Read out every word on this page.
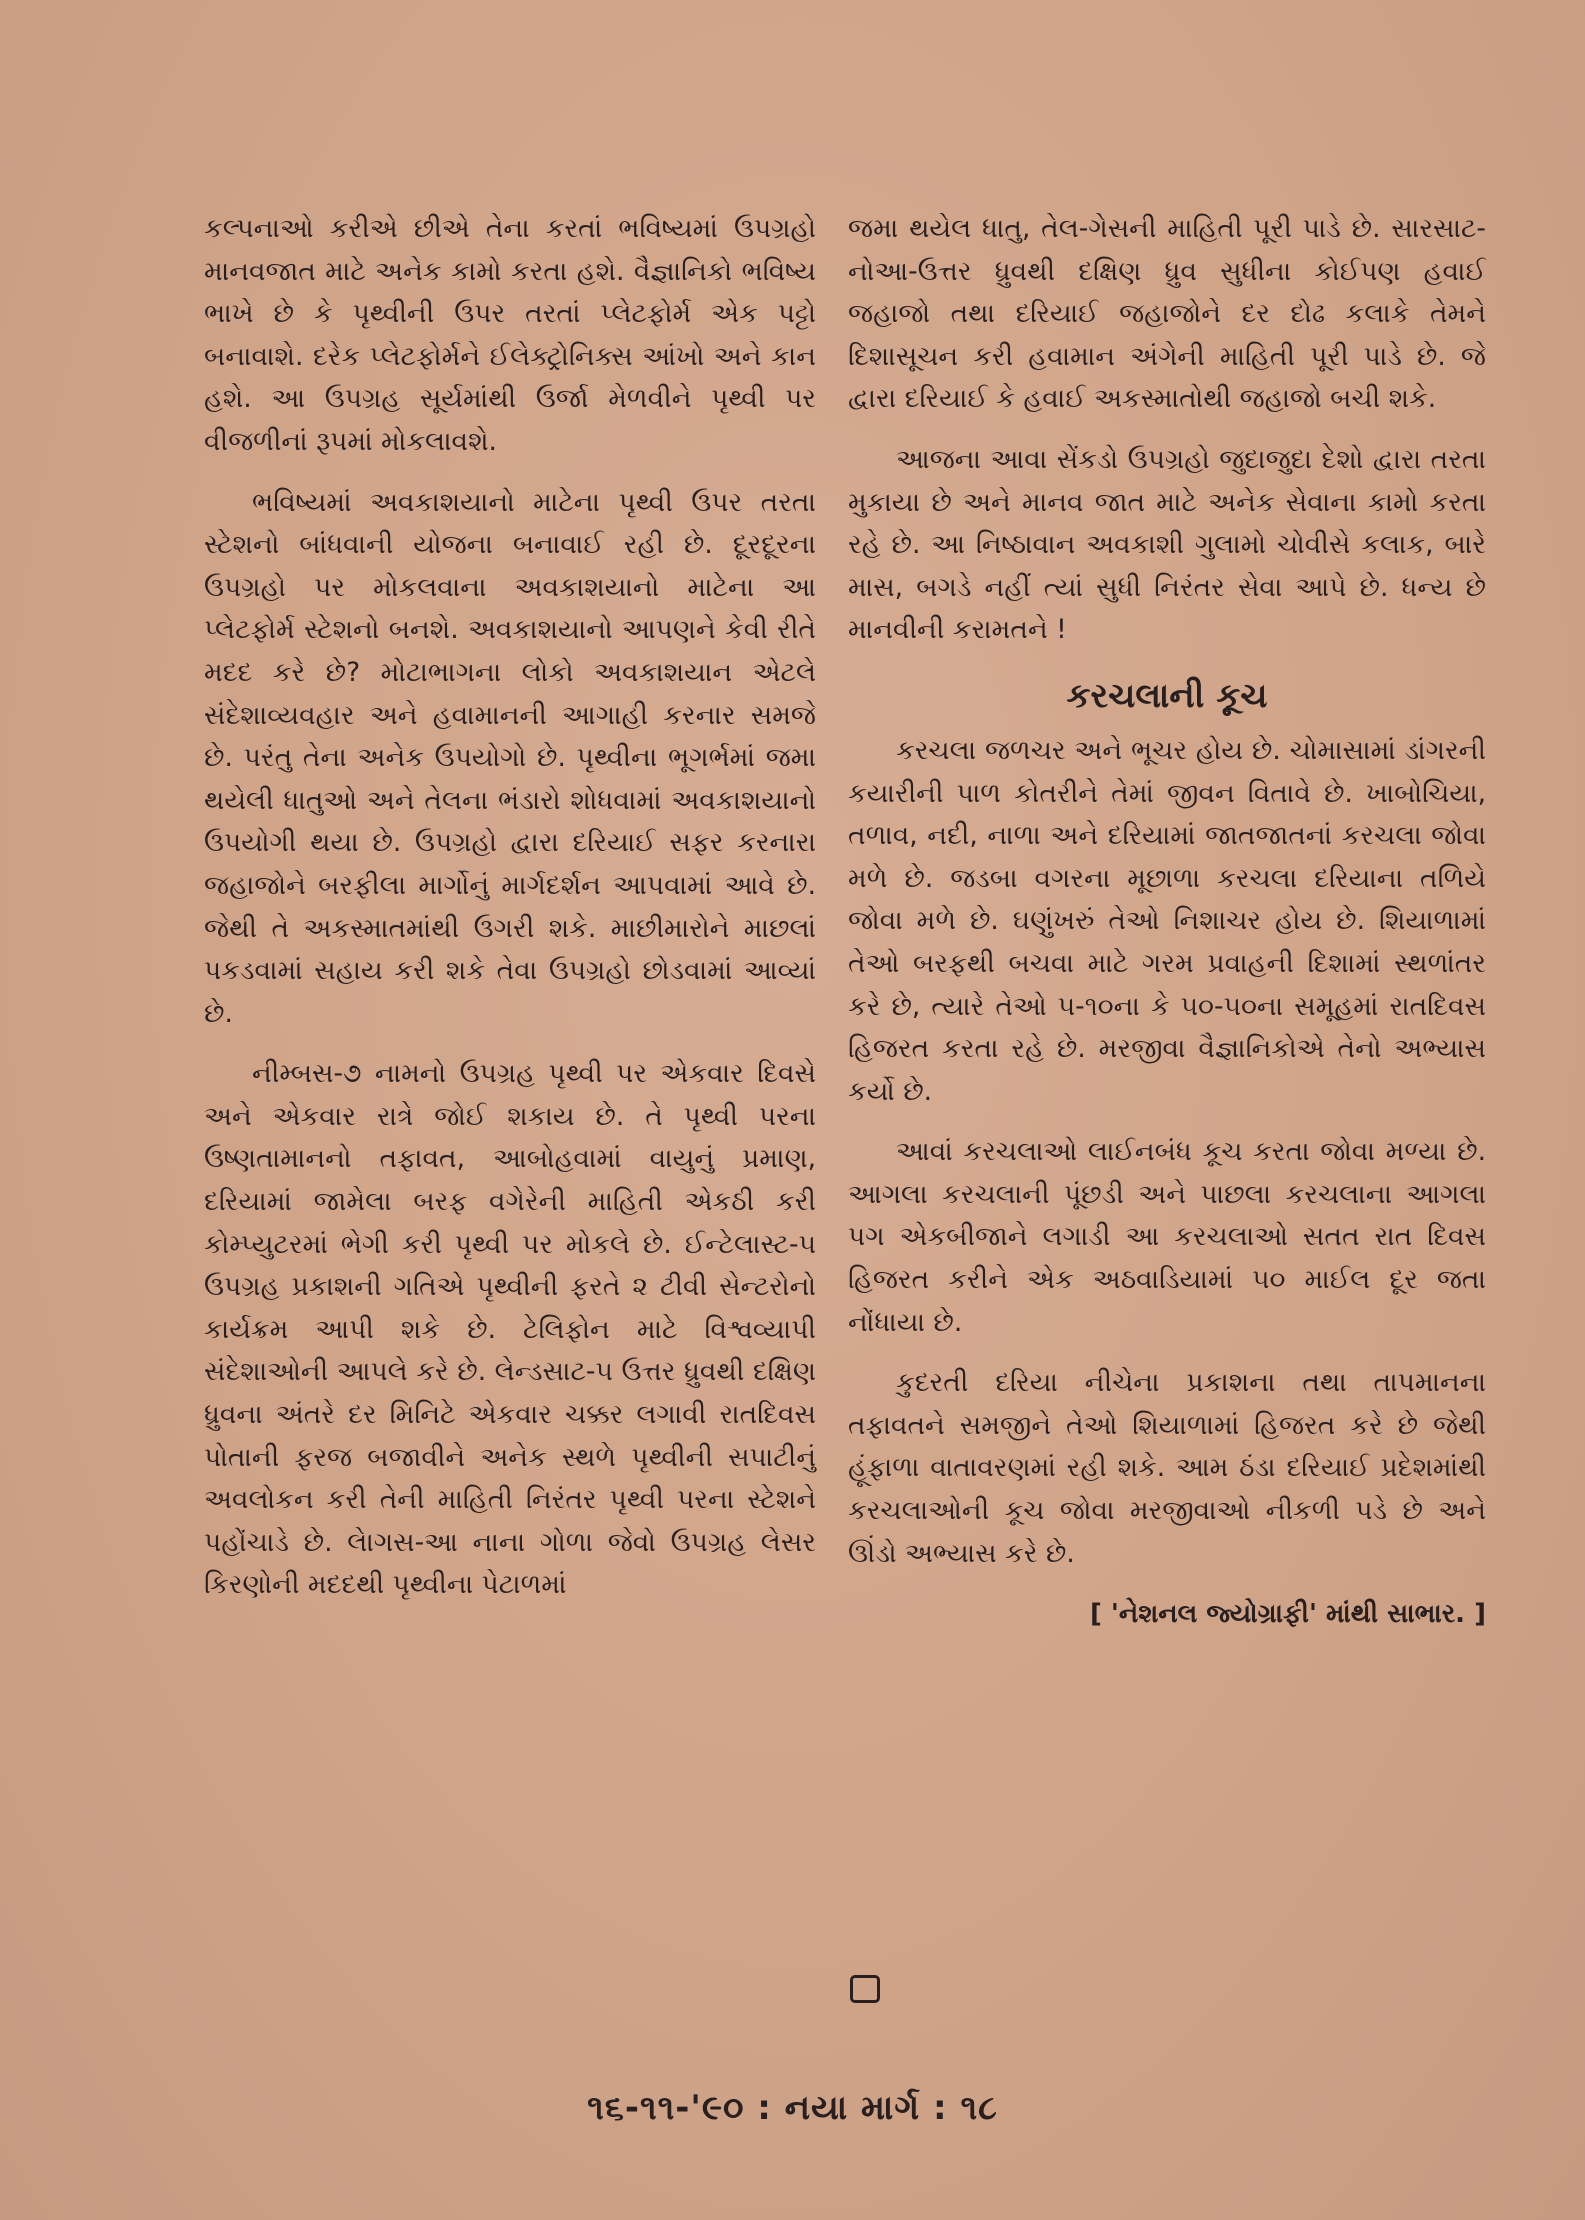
કલ્પનાઓ કરીએ છીએ તેના કરતાં ભવિષ્યમાં ઉપગ્રહો માનવજાત માટે અનેક કામો કરતા હશે. વૈજ્ઞાનિકો ભવિષ્ય ભાખે છે કે પૃથ્વીની ઉપર તરતાં પ્લેટફોર્મ એક પટ્ટો બનાવાશે. દરેક પ્લેટફોર્મને ઈલેક્ટ્રોનિક્સ આંખો અને કાન હશે. આ ઉપગ્રહ સૂર્યમાંથી ઉર્જા મેળવીને પૃથ્વી પર વીજળીનાં રૂપમાં મોકલાવશે.

ભવિષ્યમાં અવકાશયાનો માટેના પૃથ્વી ઉપર તરતા સ્ટેશનો બાંધવાની યોજના બનાવાઈ રહી છે. દૂરદૂરના ઉપગ્રહો પર મોકલવાના અવકાશયાનો માટેના આ પ્લેટફોર્મ સ્ટેશનો બનશે. અવકાશયાનો આપણને કેવી રીતે મદદ કરે છે? મોટાભાગના લોકો અવકાશયાન એટલે સંદેશાવ્યવહાર અને હવામાનની આગાહી કરનાર સમજે છે. પરંતુ તેના અનેક ઉપયોગો છે. પૃથ્વીના ભૂગર્ભમાં જમા થયેલી ધાતુઓ અને તેલના ભંડારો શોધવામાં અવકાશયાનો ઉપયોગી થયા છે. ઉપગ્રહો દ્વારા દરિયાઈ સફર કરનારા જહાજોને બરફીલા માર્ગોનું માર્ગદર્શન આપવામાં આવે છે. જેથી તે અકસ્માતમાંથી ઉગરી શકે. માછીમારોને માછલાં પકડવામાં સહાય કરી શકે તેવા ઉપગ્રહો છોડવામાં આવ્યાં છે.

નીમ્બસ-૭ નામનો ઉપગ્રહ પૃથ્વી પર એકવાર દિવસે અને એકવાર રાત્રે જોઈ શકાય છે. તે પૃથ્વી પરના ઉષ્ણતામાનનો તફાવત, આબોહવામાં વાયુનું પ્રમાણ, દરિયામાં જામેલા બરફ વગેરેની માહિતી એકઠી કરી કોમ્પ્યુટરમાં ભેગી કરી પૃથ્વી પર મોકલે છે. ઈન્ટેલાસ્ટ-૫ ઉપગ્રહ પ્રકાશની ગતિએ પૃથ્વીની ફરતે ૨ ટીવી સેન્ટરોનો કાર્યક્રમ આપી શકે છે. ટેલિફોન માટે વિશ્વવ્યાપી સંદેશાઓની આપલે કરે છે. લેન્ડસાટ-૫ ઉત્તર ધ્રુવથી દક્ષિણ ધ્રુવના અંતરે દર મિનિટે એકવાર ચક્કર લગાવી રાતદિવસ પોતાની ફરજ બજાવીને અનેક સ્થળે પૃથ્વીની સપાટીનું અવલોકન કરી તેની માહિતી નિરંતર પૃથ્વી પરના સ્ટેશને પહોંચાડે છે. લેાગસ-આ નાના ગોળા જેવો ઉપગ્રહ લેસર કિરણોની મદદથી પૃથ્વીના પેટાળમાં

જમા થયેલ ધાતુ, તેલ-ગેસની માહિતી પૂરી પાડે છે. સારસાટ-નોઆ-ઉત્તર ધ્રુવથી દક્ષિણ ધ્રુવ સુધીના કોઈપણ હવાઈ જહાજો તથા દરિયાઈ જહાજોને દર દોઢ કલાકે તેમને દિશાસૂચન કરી હવામાન અંગેની માહિતી પૂરી પાડે છે. જે દ્વારા દરિયાઈ કે હવાઈ અકસ્માતોથી જહાજો બચી શકે.

આજના આવા સેંકડો ઉપગ્રહો જુદાજુદા દેશો દ્વારા તરતા મુકાયા છે અને માનવ જાત માટે અનેક સેવાના કામો કરતા રહે છે. આ નિષ્ઠાવાન અવકાશી ગુલામો ચોવીસે કલાક, બારે માસ, બગડે નહીં ત્યાં સુધી નિરંતર સેવા આપે છે. ધન્ય છે માનવીની કરામતને !

કરચલાની કૂચ

કરચલા જળચર અને ભૂચર હોય છે. ચોમાસામાં ડાંગરની કયારીની પાળ કોતરીને તેમાં જીવન વિતાવે છે. ખાબોચિયા, તળાવ, નદી, નાળા અને દરિયામાં જાતજાતનાં કરચલા જોવા મળે છે. જડબા વગરના મૂછાળા કરચલા દરિયાના તળિયે જોવા મળે છે. ઘણુંખરું તેઓ નિશાચર હોય છે. શિયાળામાં તેઓ બરફથી બચવા માટે ગરમ પ્રવાહની દિશામાં સ્થળાંતર કરે છે, ત્યારે તેઓ ૫-૧૦ના કે ૫૦-૫૦ના સમૂહમાં રાતદિવસ હિજરત કરતા રહે છે. મરજીવા વૈજ્ઞાનિકોએ તેનો અભ્યાસ કર્યો છે.

આવાં કરચલાઓ લાઈનબંધ કૂચ કરતા જોવા મળ્યા છે. આગલા કરચલાની પૂંછડી અને પાછલા કરચલાના આગલા પગ એકબીજાને લગાડી આ કરચલાઓ સતત રાત દિવસ હિજરત કરીને એક અઠવાડિયામાં ૫૦ માઈલ દૂર જતા નોંધાયા છે.

કુદરતી દરિયા નીચેના પ્રકાશના તથા તાપમાનના તફાવતને સમજીને તેઓ શિયાળામાં હિજરત કરે છે જેથી હૂંફાળા વાતાવરણમાં રહી શકે. આમ ઠંડા દરિયાઈ પ્રદેશમાંથી કરચલાઓની કૂચ જોવા મરજીવાઓ નીકળી પડે છે અને ઊંડો અભ્યાસ કરે છે.

[ 'નેશનલ જ્યોગ્રાફી' માંથી સાભાર. ]
૧૬-૧૧-'૯૦ : નયા માર્ગ : ૧૮
